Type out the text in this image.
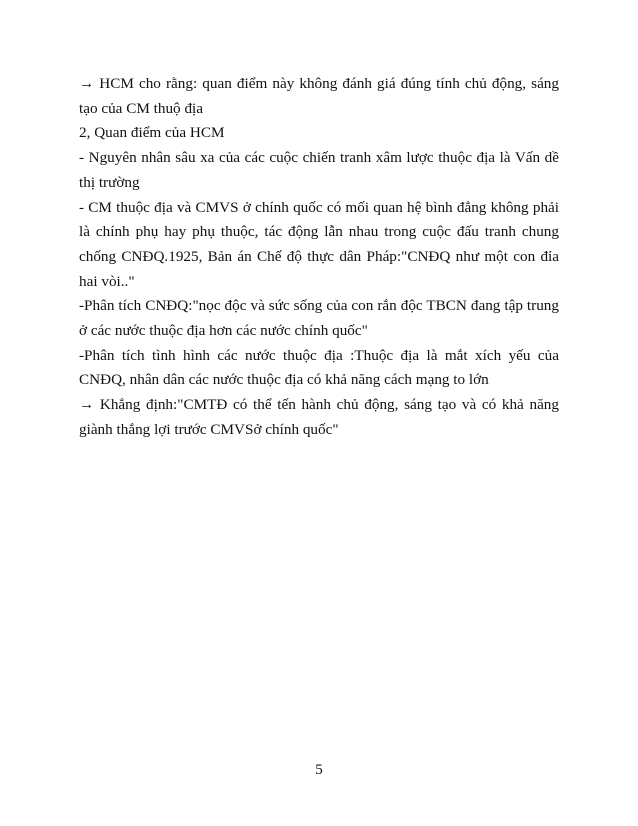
→ HCM cho rằng: quan điểm này không đánh giá đúng tính chủ động, sáng tạo của CM thuộ địa

2, Quan điểm của HCM

- Nguyên nhân sâu xa của các cuộc chiến tranh xâm lược thuộc địa là Vấn dề thị trường

- CM thuộc địa và CMVS ở chính quốc có mối quan hệ bình đẳng không phải là chính phụ hay phụ thuộc, tác động lẫn nhau trong cuộc đấu tranh chung chống CNĐQ.1925, Bản án Chế độ thực dân Pháp:"CNĐQ như một con đỉa hai vòi.."

-Phân tích CNĐQ:"nọc độc và sức sống của con rắn độc TBCN đang tập trung ở các nước thuộc địa hơn các nước chính quốc"

-Phân tích tình hình các nước thuộc địa :Thuộc địa là mắt xích yếu của CNĐQ, nhân dân các nước thuộc địa có khả năng cách mạng to lớn

→ Khẳng định:"CMTĐ có thể tến hành chủ động, sáng tạo và có khả năng giành thắng lợi trước CMVSở chính quốc"

5
